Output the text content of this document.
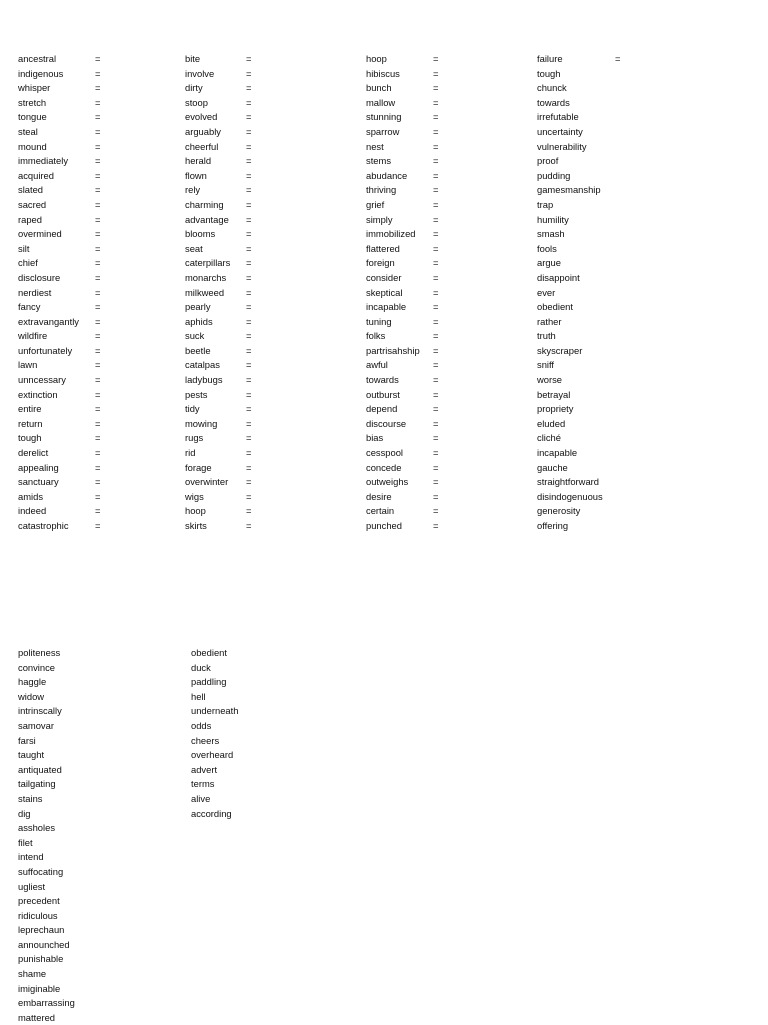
ancestral
indigenous
whisper
stretch
tongue
steal
mound
immediately
acquired
slated
sacred
raped
overmined
silt
chief
disclosure
nerdiest
fancy
extravangantly
wildfire
unfortunately
lawn
unncessary
extinction
entire
return
tough
derelict
appealing
sanctuary
amids
indeed
catastrophic
=
=
=
=
=
=
=
=
=
=
=
=
=
=
=
=
=
=
=
=
=
=
=
=
=
=
=
=
=
=
=
=
=
bite
involve
dirty
stoop
evolved
arguably
cheerful
herald
flown
rely
charming
advantage
blooms
seat
caterpillars
monarchs
milkweed
pearly
aphids
suck
beetle
catalpas
ladybugs
pests
tidy
mowing
rugs
rid
forage
overwinter
wigs
hoop
skirts
=
=
=
=
=
=
=
=
=
=
=
=
=
=
=
=
=
=
=
=
=
=
=
=
=
=
=
=
=
=
=
=
=
hoop
hibiscus
bunch
mallow
stunning
sparrow
nest
stems
abudance
thriving
grief
simply
immobilized
flattered
foreign
consider
skeptical
incapable
tuning
folks
partrisahship
awful
towards
outburst
depend
discourse
bias
cesspool
concede
outweighs
desire
certain
punched
=
=
=
=
=
=
=
=
=
=
=
=
=
=
=
=
=
=
=
=
=
=
=
=
=
=
=
=
=
=
=
=
=
failure
tough
chunck
towards
irrefutable
uncertainty
vulnerability
proof
pudding
gamesmanship
trap
humility
smash
fools
argue
disappoint
ever
obedient
rather
truth
skyscraper
sniff
worse
betrayal
propriety
eluded
cliché
incapable
gauche
straightforward
disindogenuous
generosity
offering
=
politeness
convince
haggle
widow
intrinscally
samovar
farsi
taught
antiquated
tailgating
stains
dig
assholes
filet
intend
suffocating
ugliest
precedent
ridiculous
leprechaun
announched
punishable
shame
imiginable
embarrassing
mattered
obedient
duck
paddling
hell
underneath
odds
cheers
overheard
advert
terms
alive
according
